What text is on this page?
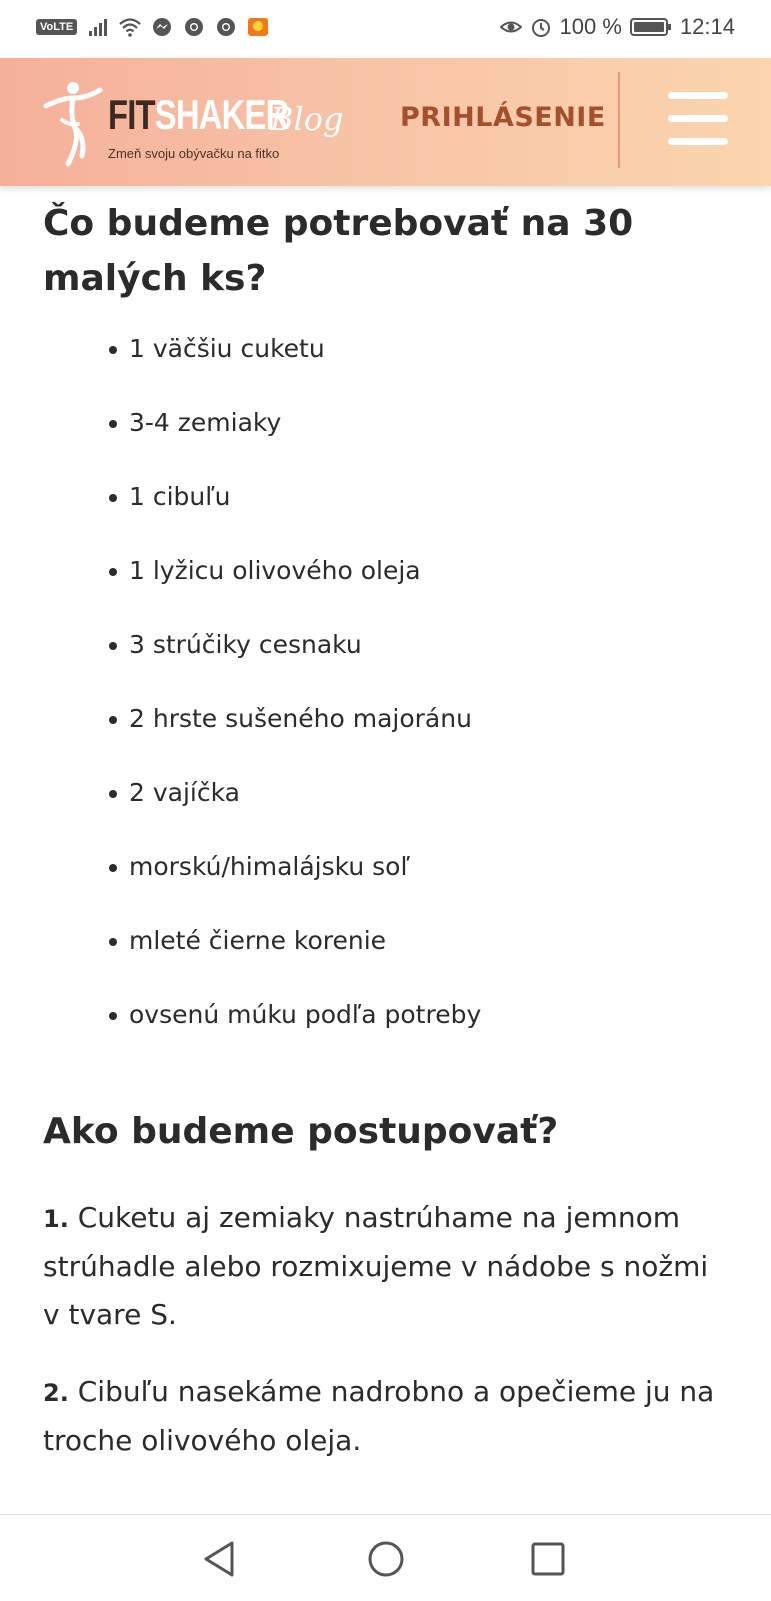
VoLTE	100 %	12:14
FITSHAKER
Blog
Zmeň svoju obývačku na fitko
PRIHLÁSENIE
Čo budeme potrebovať na 30 malých ks?
1 väčšiu cuketu
3-4 zemiaky
1 cibuľu
1 lyžicu olivového oleja
3 strúčiky cesnaku
2 hrste sušeného majoránu
2 vajíčka
morskú/himalájsku soľ
mleté čierne korenie
ovsenú múku podľa potreby
Ako budeme postupovať?

1. Cuketu aj zemiaky nastrúhame na jemnom strúhadle alebo rozmixujeme v nádobe s nožmi v tvare S.

2. Cibuľu nasekáme nadrobno a opečieme ju na troche olivového oleja.
